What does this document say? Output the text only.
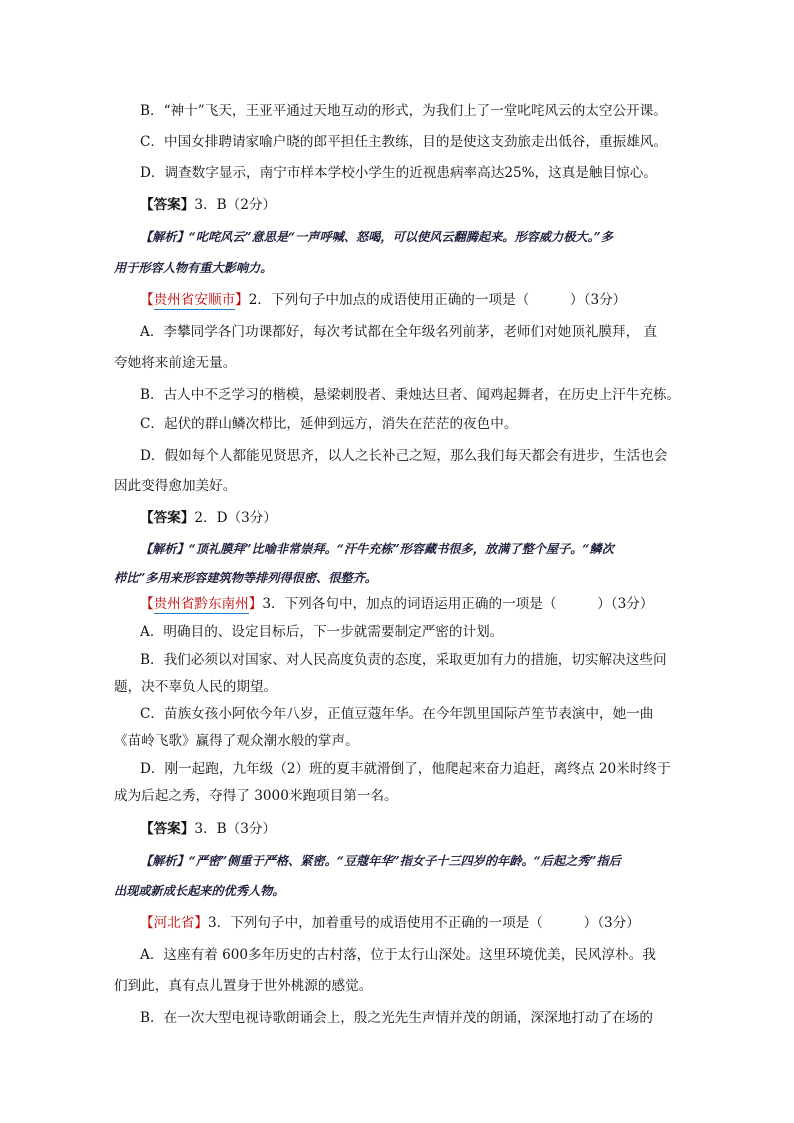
B．“神十”飞天，王亚平通过天地互动的形式，为我们上了一堂叱咤风云的太空公开课。
C．中国女排聘请家喻户晓的郎平担任主教练，目的是使这支劲旅走出低谷，重振雄风。
D．调查数字显示，南宁市样本学校小学生的近视患病率高达25%，这真是触目惊心。
【答案】3．B（2分）
【解析】“叱咤风云”意思是“一声呼喊、怒喝，可以使风云翻腾起来。形容威力极大。”多
用于形容人物有重大影响力。
【贵州省安顺市
】2．下列句子中加点的成语使用正确的一项是（　　　）（3分）
A．李攀同学各门功课都好，每次考试都在全年级名列前茅，老师们对她顶礼膜拜， 直
夸她将来前途无量。
B．古人中不乏学习的楷模，悬梁刺股者、秉烛达旦者、闻鸡起舞者，在历史上汗牛充栋。
C．起伏的群山鳞次栉比，延伸到远方，消失在茫茫的夜色中。
D．假如每个人都能见贤思齐，以人之长补己之短，那么我们每天都会有进步，生活也会
因此变得愈加美好。
【答案】2．D（3分）
【解析】“顶礼膜拜”比喻非常崇拜。“汗牛充栋”形容藏书很多，放满了整个屋子。“鳞次
栉比”多用来形容建筑物等排列得很密、很整齐。
【贵州省黔东南州
】3．下列各句中，加点的词语运用正确的一项是（　　　）（3分）
A．明确目的、设定目标后，下一步就需要制定严密的计划。
B．我们必须以对国家、对人民高度负责的态度，采取更加有力的措施，切实解决这些问
题，决不辜负人民的期望。
C．苗族女孩小阿依今年八岁，正值豆蔻年华。在今年凯里国际芦笙节表演中，她一曲
《苗岭飞歌》赢得了观众潮水般的掌声。
D．刚一起跑，九年级（2）班的夏丰就滑倒了，他爬起来奋力追赶，离终点 20米时终于
成为后起之秀，夺得了 3000米跑项目第一名。
【答案】3．B（3分）
【解析】“严密”侧重于严格、紧密。“豆蔻年华”指女子十三四岁的年龄。“后起之秀”指后
出现或新成长起来的优秀人物。
【河北省】3．下列句子中，加着重号的成语使用不正确的一项是（　　　）（3分）
A．这座有着 600多年历史的古村落，位于太行山深处。这里环境优美，民风淳朴。我
们到此，真有点儿置身于世外桃源的感觉。
B．在一次大型电视诗歌朗诵会上，殷之光先生声情并茂的朗诵，深深地打动了在场的
